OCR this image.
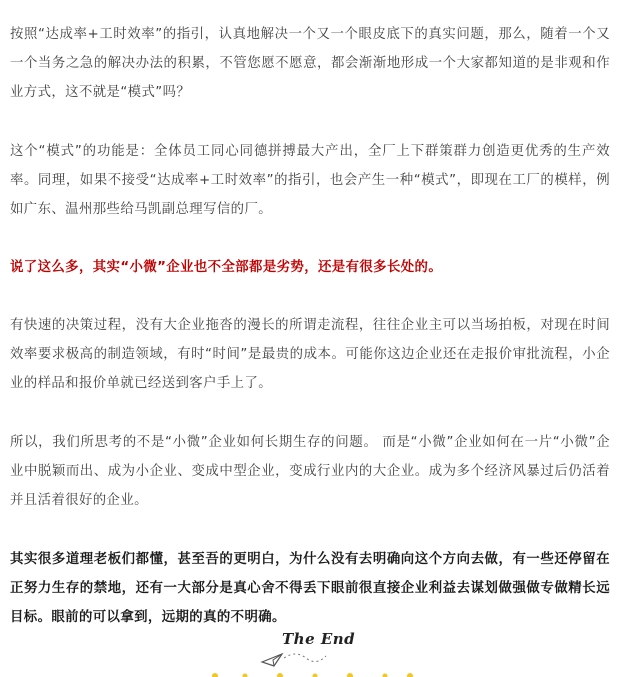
按照“达成率+工时效率”的指引，认真地解决一个又一个眼皮底下的真实问题，那么，随着一个又一个当务之急的解决办法的积累，不管您愿不愿意，都会渐渐地形成一个大家都知道的是非观和作业方式，这不就是“模式”吗？

这个“模式”的功能是：全体员工同心同德拼搏最大产出，全厂上下群策群力创造更优秀的生产效率。同理，如果不接受“达成率+工时效率”的指引，也会产生一种“模式”，即现在工厂的模样，例如广东、温州那些给马凯副总理写信的厂。

说了这么多，其实“小微”企业也不全部都是劣势，还是有很多长处的。

有快速的决策过程，没有大企业拖沓的漫长的所谓走流程，往往企业主可以当场拍板，对现在时间效率要求极高的制造领域，有时“时间”是最贵的成本。可能你这边企业还在走报价审批流程，小企业的样品和报价单就已经送到客户手上了。

所以，我们所思考的不是“小微”企业如何长期生存的问题。 而是“小微”企业如何在一片“小微”企业中脱颖而出、成为小企业、变成中型企业，变成行业内的大企业。成为多个经济风暴过后仍活着并且活着很好的企业。

其实很多道理老板们都懂，甚至吾的更明白，为什么没有去明确向这个方向去做，有一些还停留在正努力生存的禁地，还有一大部分是真心舍不得丢下眼前很直接企业利益去谋划做强做专做精长远目标。眼前的可以拿到，远期的真的不明确。

The End
